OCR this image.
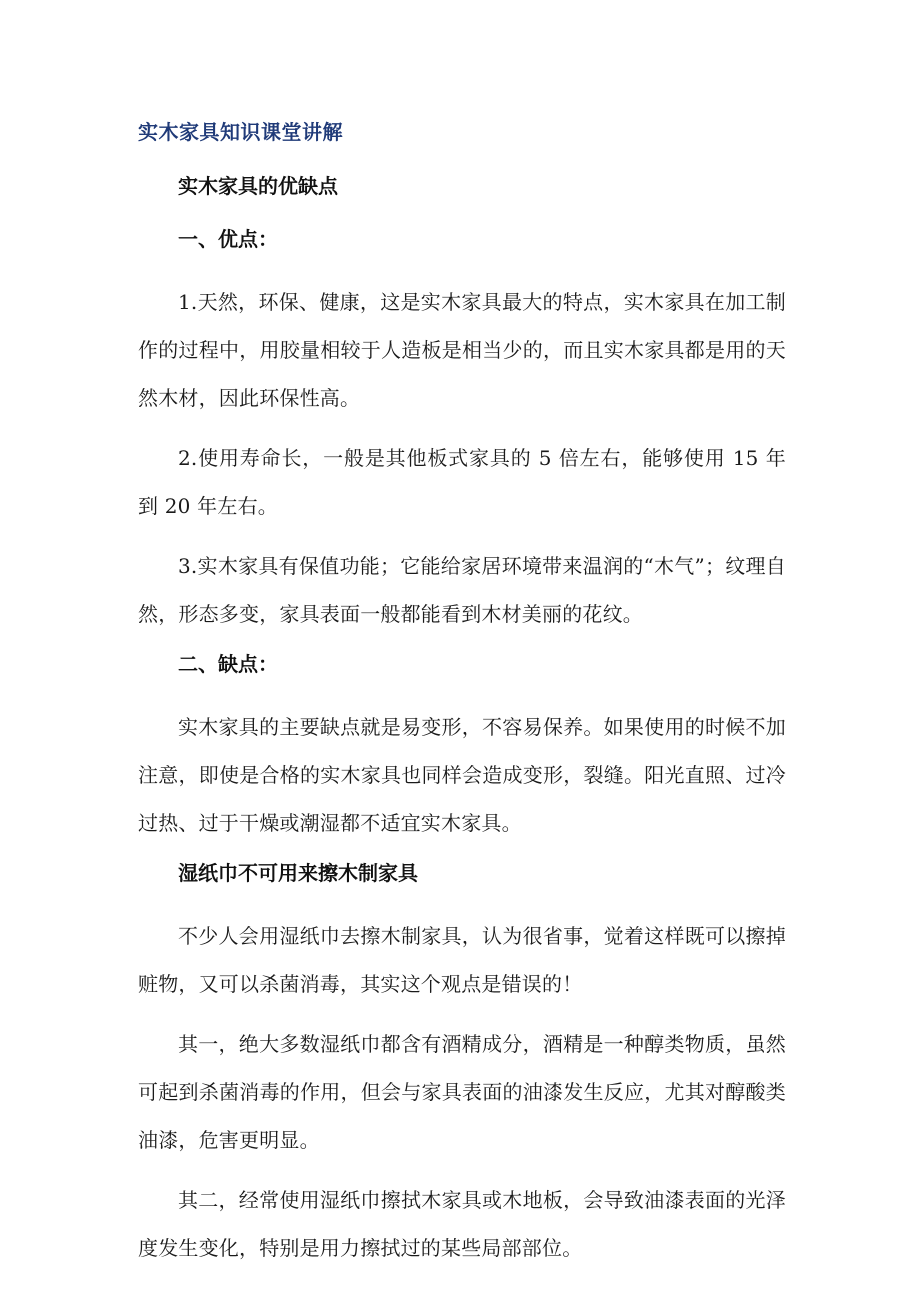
实木家具知识课堂讲解
实木家具的优缺点
一、优点：
1.天然，环保、健康，这是实木家具最大的特点，实木家具在加工制作的过程中，用胶量相较于人造板是相当少的，而且实木家具都是用的天然木材，因此环保性高。
2.使用寿命长，一般是其他板式家具的 5 倍左右，能够使用 15 年到 20 年左右。
3.实木家具有保值功能；它能给家居环境带来温润的“木气”；纹理自然，形态多变，家具表面一般都能看到木材美丽的花纹。
二、缺点：
实木家具的主要缺点就是易变形，不容易保养。如果使用的时候不加注意，即使是合格的实木家具也同样会造成变形，裂缝。阳光直照、过冷过热、过于干燥或潮湿都不适宜实木家具。
湿纸巾不可用来擦木制家具
不少人会用湿纸巾去擦木制家具，认为很省事，觉着这样既可以擦掉赃物，又可以杀菌消毒，其实这个观点是错误的！
其一，绝大多数湿纸巾都含有酒精成分，酒精是一种醇类物质，虽然可起到杀菌消毒的作用，但会与家具表面的油漆发生反应，尤其对醇酸类油漆，危害更明显。
其二，经常使用湿纸巾擦拭木家具或木地板，会导致油漆表面的光泽度发生变化，特别是用力擦拭过的某些局部部位。
